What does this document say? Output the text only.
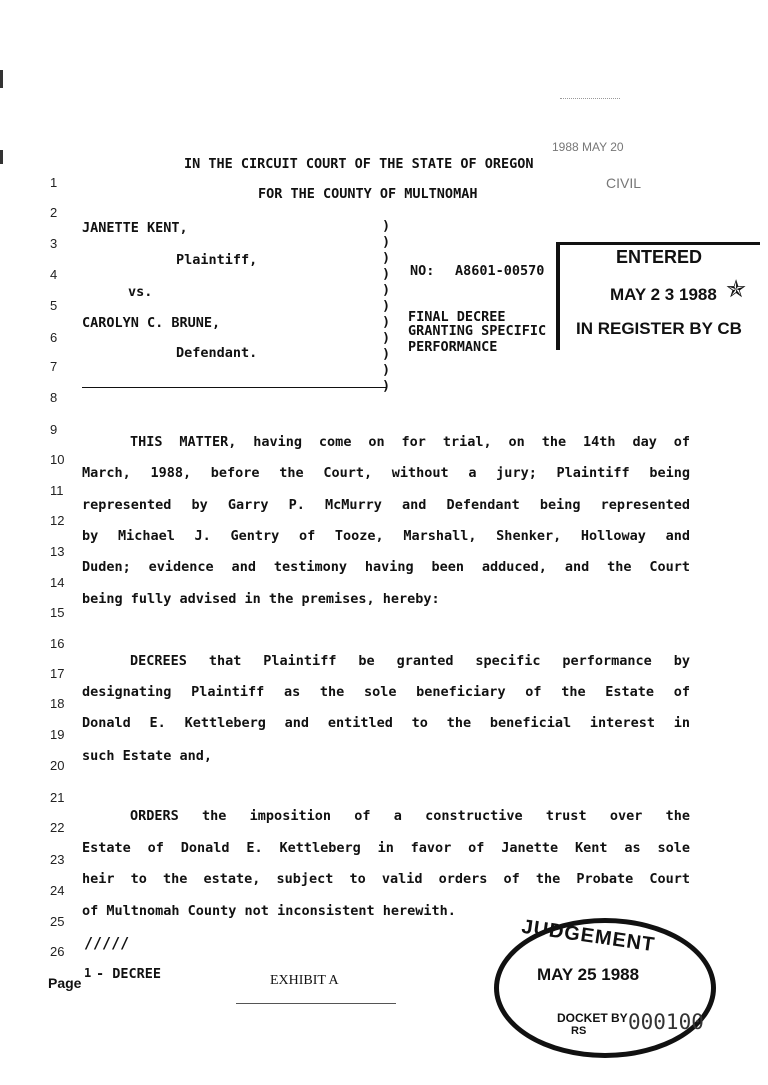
1988 MAY 20
CIVIL
IN THE CIRCUIT COURT OF THE STATE OF OREGON
FOR THE COUNTY OF MULTNOMAH
1
2
3
4
5
6
7
8
9
10
11
12
13
14
15
16
17
18
19
20
21
22
23
24
25
26
JANETTE KENT,
Plaintiff,
vs.
CAROLYN C. BRUNE,
Defendant.
)
)
)
)
)
)
)
)
)
)
)
NO: A8601-00570
FINAL DECREE
GRANTING SPECIFIC
PERFORMANCE
ENTERED
MAY 2 3 1988 ✯
IN REGISTER BY CB
THIS MATTER, having come on for trial, on the 14th day of
March, 1988, before the Court, without a jury; Plaintiff being
represented by Garry P. McMurry and Defendant being represented
by Michael J. Gentry of Tooze, Marshall, Shenker, Holloway and
Duden; evidence and testimony having been adduced, and the Court
being fully advised in the premises, hereby:
DECREES that Plaintiff be granted specific performance by
designating Plaintiff as the sole beneficiary of the Estate of
Donald E. Kettleberg and entitled to the beneficial interest in
such Estate and,
ORDERS the imposition of a constructive trust over the
Estate of Donald E. Kettleberg in favor of Janette Kent as sole
heir to the estate, subject to valid orders of the Probate Court
of Multnomah County not inconsistent herewith.
/////
Page
1 - DECREE	EXHIBIT A
JUDGEMENT
MAY 25 1988
DOCKET BY
RS 000100
